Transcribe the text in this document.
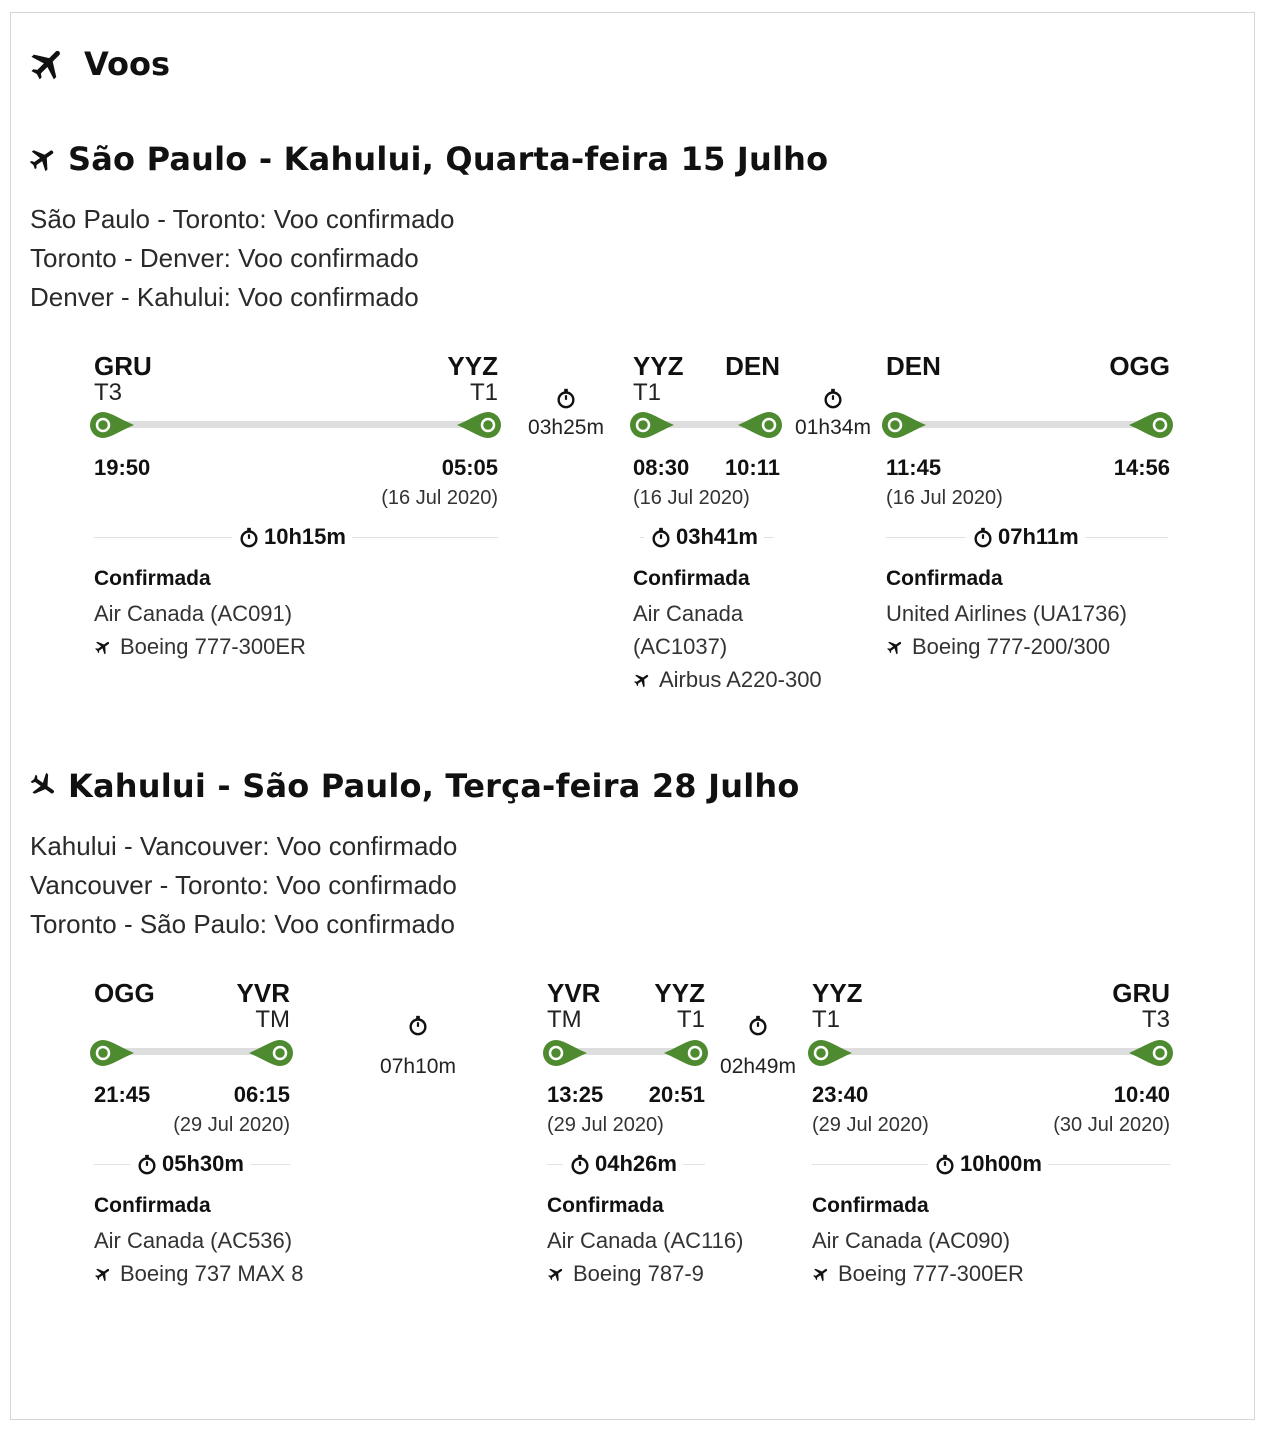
Voos
São Paulo - Kahului, Quarta-feira 15 Julho
São Paulo - Toronto: Voo confirmado
Toronto - Denver: Voo confirmado
Denver - Kahului: Voo confirmado
GRU
T3
YYZ
T1
19:50	05:05
(16 Jul 2020)
10h15m
Confirmada
Air Canada (AC091)
Boeing 777-300ER
03h25m
YYZ
T1
DEN
08:30	10:11
(16 Jul 2020)
03h41m
Confirmada
Air Canada (AC1037)
Airbus A220-300
01h34m
DEN	OGG
11:45	14:56
(16 Jul 2020)
07h11m
Confirmada
United Airlines (UA1736)
Boeing 777-200/300
Kahului - São Paulo, Terça-feira 28 Julho
Kahului - Vancouver: Voo confirmado
Vancouver - Toronto: Voo confirmado
Toronto - São Paulo: Voo confirmado
OGG	YVR
TM
21:45	06:15
(29 Jul 2020)
05h30m
Confirmada
Air Canada (AC536)
Boeing 737 MAX 8
07h10m
YVR
TM
YYZ
T1
13:25	20:51
(29 Jul 2020)
04h26m
Confirmada
Air Canada (AC116)
Boeing 787-9
02h49m
YYZ
T1
GRU
T3
23:40	10:40
(29 Jul 2020)	(30 Jul 2020)
10h00m
Confirmada
Air Canada (AC090)
Boeing 777-300ER
